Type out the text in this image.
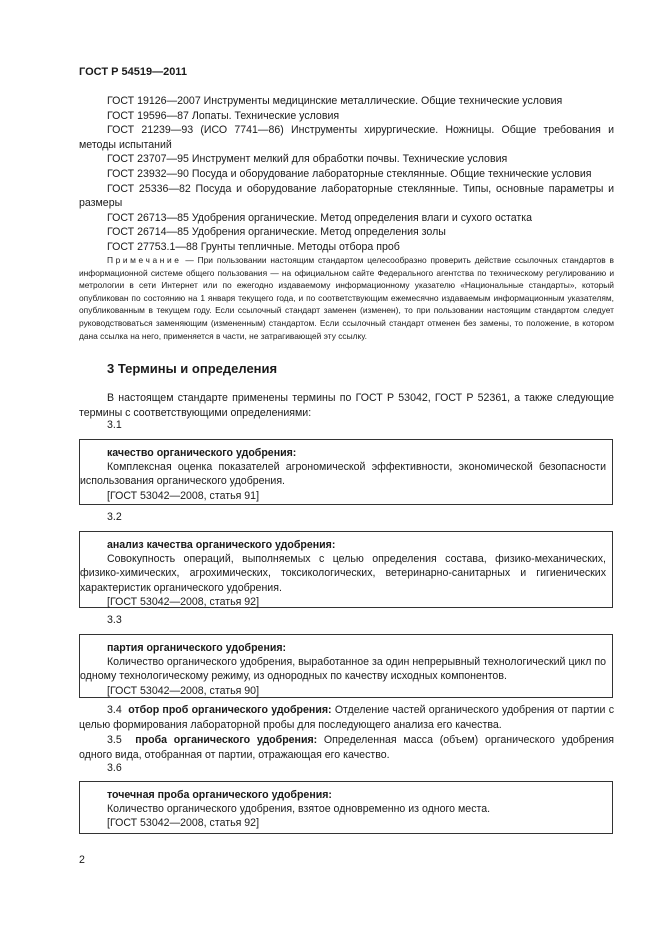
ГОСТ Р 54519—2011
ГОСТ 19126—2007 Инструменты медицинские металлические. Общие технические условия
ГОСТ 19596—87 Лопаты. Технические условия
ГОСТ 21239—93 (ИСО 7741—86) Инструменты хирургические. Ножницы. Общие требования и методы испытаний
ГОСТ 23707—95 Инструмент мелкий для обработки почвы. Технические условия
ГОСТ 23932—90 Посуда и оборудование лабораторные стеклянные. Общие технические условия
ГОСТ 25336—82 Посуда и оборудование лабораторные стеклянные. Типы, основные параметры и размеры
ГОСТ 26713—85 Удобрения органические. Метод определения влаги и сухого остатка
ГОСТ 26714—85 Удобрения органические. Метод определения золы
ГОСТ 27753.1—88 Грунты тепличные. Методы отбора проб

Примечание — При пользовании настоящим стандартом целесообразно проверить действие ссылочных стандартов в информационной системе общего пользования — на официальном сайте Федерального агентства по техническому регулированию и метрологии в сети Интернет или по ежегодно издаваемому информационному указателю «Национальные стандарты», который опубликован по состоянию на 1 января текущего года, и по соответствующим ежемесячно издаваемым информационным указателям, опубликованным в текущем году. Если ссылочный стандарт заменен (изменен), то при пользовании настоящим стандартом следует руководствоваться заменяющим (измененным) стандартом. Если ссылочный стандарт отменен без замены, то положение, в котором дана ссылка на него, применяется в части, не затрагивающей эту ссылку.

3 Термины и определения
В настоящем стандарте применены термины по ГОСТ Р 53042, ГОСТ Р 52361, а также следующие термины с соответствующими определениями:
3.1
качество органического удобрения:
Комплексная оценка показателей агрономической эффективности, экономической безопасности использования органического удобрения.
[ГОСТ 53042—2008, статья 91]
3.2
анализ качества органического удобрения:
Совокупность операций, выполняемых с целью определения состава, физико-механических, физико-химических, агрохимических, токсикологических, ветеринарно-санитарных и гигиенических характеристик органического удобрения.
[ГОСТ 53042—2008, статья 92]
3.3
партия органического удобрения:
Количество органического удобрения, выработанное за один непрерывный технологический цикл по одному технологическому режиму, из однородных по качеству исходных компонентов.
[ГОСТ 53042—2008, статья 90]
3.4 отбор проб органического удобрения: Отделение частей органического удобрения от партии с целью формирования лабораторной пробы для последующего анализа его качества.
3.5 проба органического удобрения: Определенная масса (объем) органического удобрения одного вида, отобранная от партии, отражающая его качество.
3.6
точечная проба органического удобрения:
Количество органического удобрения, взятое одновременно из одного места.
[ГОСТ 53042—2008, статья 92]
2
